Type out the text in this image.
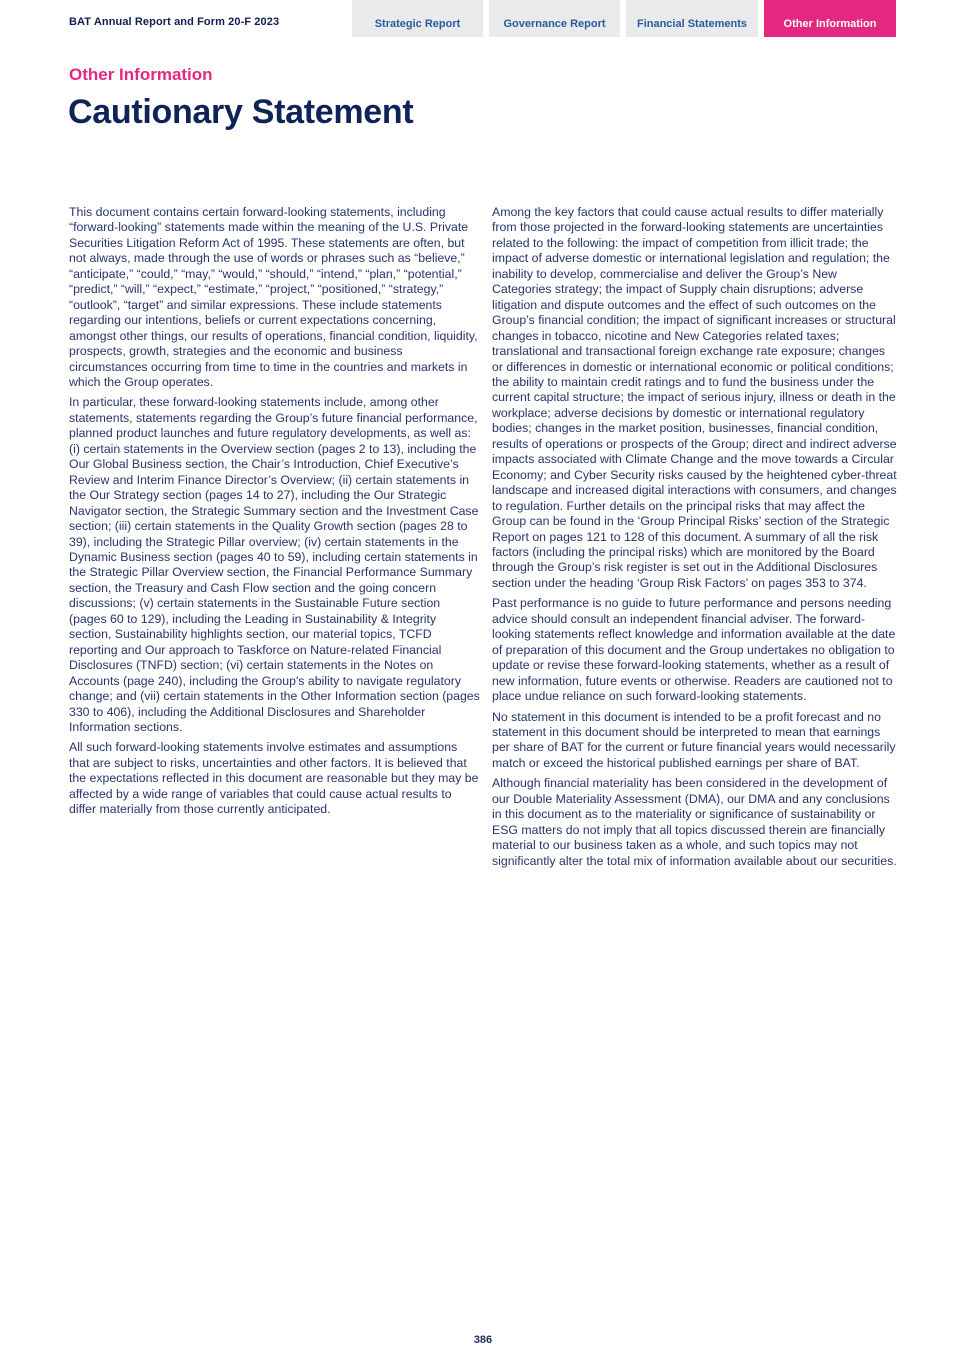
BAT Annual Report and Form 20-F 2023	Strategic Report	Governance Report	Financial Statements	Other Information
Other Information
Cautionary Statement

This document contains certain forward-looking statements, including “forward-looking” statements made within the meaning of the U.S. Private Securities Litigation Reform Act of 1995. These statements are often, but not always, made through the use of words or phrases such as “believe,” “anticipate,” “could,” “may,” “would,” “should,” “intend,” “plan,” “potential,” “predict,” “will,” “expect,” “estimate,” “project,” “positioned,” “strategy,” “outlook”, “target” and similar expressions. These include statements regarding our intentions, beliefs or current expectations concerning, amongst other things, our results of operations, financial condition, liquidity, prospects, growth, strategies and the economic and business circumstances occurring from time to time in the countries and markets in which the Group operates.

In particular, these forward-looking statements include, among other statements, statements regarding the Group’s future financial performance, planned product launches and future regulatory developments, as well as: (i) certain statements in the Overview section (pages 2 to 13), including the Our Global Business section, the Chair’s Introduction, Chief Executive’s Review and Interim Finance Director’s Overview; (ii) certain statements in the Our Strategy section (pages 14 to 27), including the Our Strategic Navigator section, the Strategic Summary section and the Investment Case section; (iii) certain statements in the Quality Growth section (pages 28 to 39), including the Strategic Pillar overview; (iv) certain statements in the Dynamic Business section (pages 40 to 59), including certain statements in the Strategic Pillar Overview section, the Financial Performance Summary section, the Treasury and Cash Flow section and the going concern discussions; (v) certain statements in the Sustainable Future section (pages 60 to 129), including the Leading in Sustainability & Integrity section, Sustainability highlights section, our material topics, TCFD reporting and Our approach to Taskforce on Nature-related Financial Disclosures (TNFD) section; (vi) certain statements in the Notes on Accounts (page 240), including the Group's ability to navigate regulatory change; and (vii) certain statements in the Other Information section (pages 330 to 406), including the Additional Disclosures and Shareholder Information sections.

All such forward-looking statements involve estimates and assumptions that are subject to risks, uncertainties and other factors. It is believed that the expectations reflected in this document are reasonable but they may be affected by a wide range of variables that could cause actual results to differ materially from those currently anticipated.

Among the key factors that could cause actual results to differ materially from those projected in the forward-looking statements are uncertainties related to the following: the impact of competition from illicit trade; the impact of adverse domestic or international legislation and regulation; the inability to develop, commercialise and deliver the Group’s New Categories strategy; the impact of Supply chain disruptions; adverse litigation and dispute outcomes and the effect of such outcomes on the Group’s financial condition; the impact of significant increases or structural changes in tobacco, nicotine and New Categories related taxes; translational and transactional foreign exchange rate exposure; changes or differences in domestic or international economic or political conditions; the ability to maintain credit ratings and to fund the business under the current capital structure; the impact of serious injury, illness or death in the workplace; adverse decisions by domestic or international regulatory bodies; changes in the market position, businesses, financial condition, results of operations or prospects of the Group; direct and indirect adverse impacts associated with Climate Change and the move towards a Circular Economy; and Cyber Security risks caused by the heightened cyber-threat landscape and increased digital interactions with consumers, and changes to regulation. Further details on the principal risks that may affect the Group can be found in the ‘Group Principal Risks’ section of the Strategic Report on pages 121 to 128 of this document. A summary of all the risk factors (including the principal risks) which are monitored by the Board through the Group’s risk register is set out in the Additional Disclosures section under the heading ‘Group Risk Factors’ on pages 353 to 374.

Past performance is no guide to future performance and persons needing advice should consult an independent financial adviser. The forward-looking statements reflect knowledge and information available at the date of preparation of this document and the Group undertakes no obligation to update or revise these forward-looking statements, whether as a result of new information, future events or otherwise. Readers are cautioned not to place undue reliance on such forward-looking statements.

No statement in this document is intended to be a profit forecast and no statement in this document should be interpreted to mean that earnings per share of BAT for the current or future financial years would necessarily match or exceed the historical published earnings per share of BAT.

Although financial materiality has been considered in the development of our Double Materiality Assessment (DMA), our DMA and any conclusions in this document as to the materiality or significance of sustainability or ESG matters do not imply that all topics discussed therein are financially material to our business taken as a whole, and such topics may not significantly alter the total mix of information available about our securities.

386
